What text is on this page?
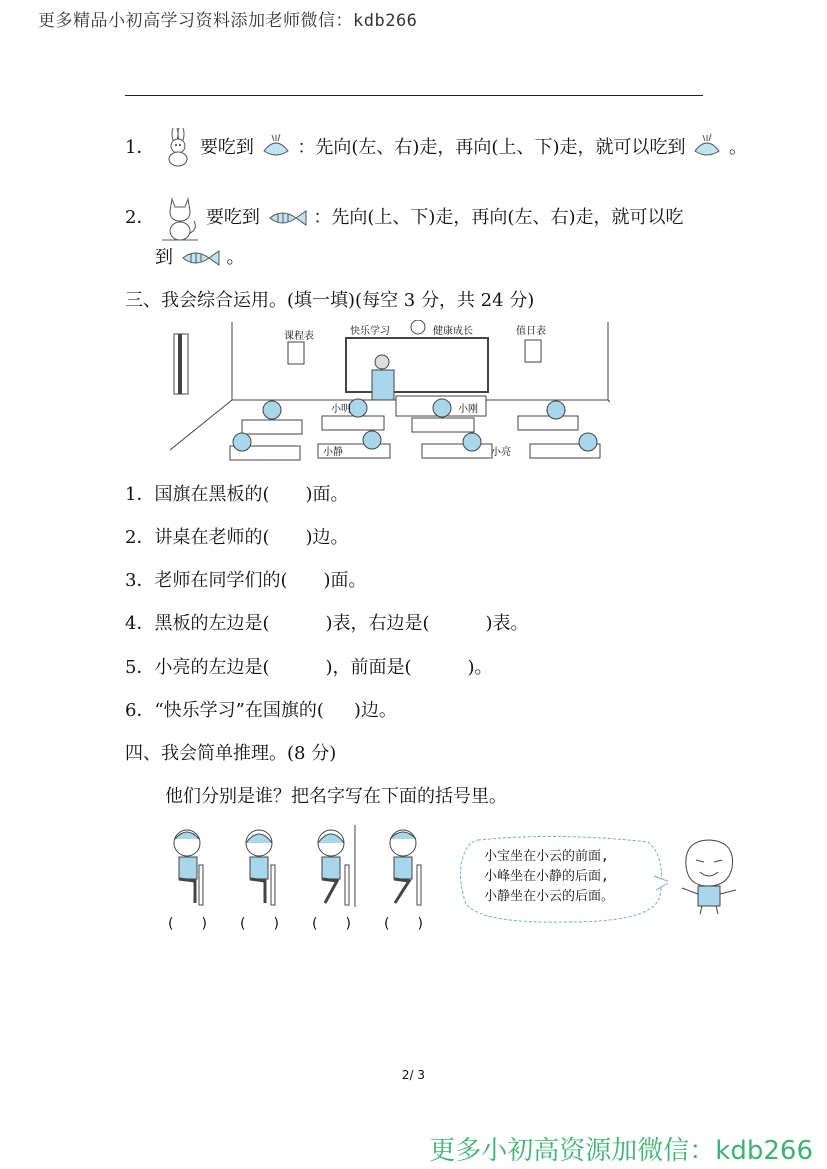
更多精品小初高学习资料添加老师微信：kdb266
1．	要吃到 ：先向(左、右)走，再向(上、下)走，就可以吃到 。
2．	要吃到	：先向(上、下)走，再向(左、右)走，就可以吃
到	。
三、我会综合运用。(填一填)(每空 3 分，共 24 分)
课程表	快乐学习	健康成长	值日表
小明	小刚
小静	小亮
1．国旗在黑板的( )面。
2．讲桌在老师的( )边。
3．老师在同学们的( )面。
4．黑板的左边是(	)表，右边是(	)表。
5．小亮的左边是(	)，前面是(	)。
6．“快乐学习”在国旗的( )边。
四、我会简单推理。(8 分)
他们分别是谁？把名字写在下面的括号里。
(　　) (　　) (　　) (　　)
小宝坐在小云的前面,
小峰坐在小静的后面,
小静坐在小云的后面。
2/ 3
更多小初高资源加微信：kdb266
